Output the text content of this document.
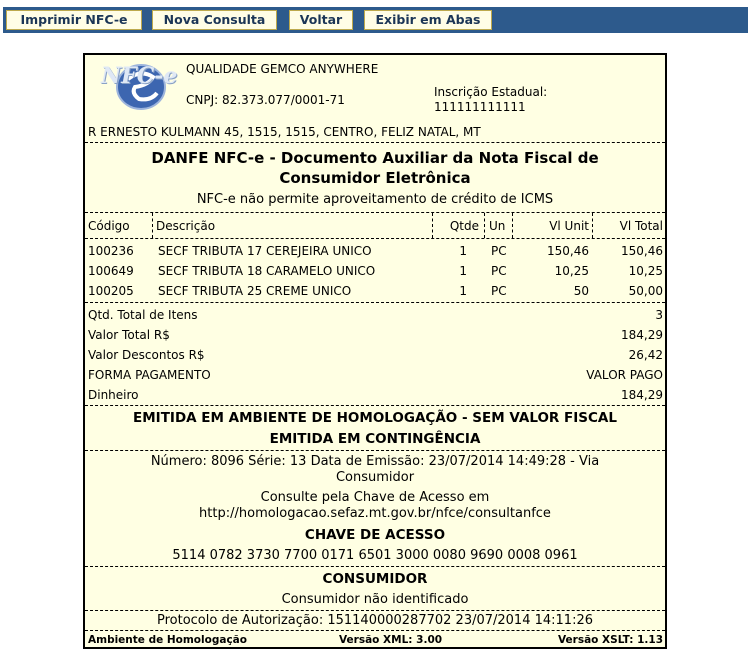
Imprimir NFC-e	Nova Consulta	Voltar	Exibir em Abas
NFC-e QUALIDADE GEMCO ANYWHERE
CNPJ: 82.373.077/0001-71
Inscrição Estadual:
111111111111
R ERNESTO KULMANN 45, 1515, 1515, CENTRO, FELIZ NATAL, MT
DANFE NFC-e - Documento Auxiliar da Nota Fiscal de
Consumidor Eletrônica
NFC-e não permite aproveitamento de crédito de ICMS
Código Descrição	Qtde Un	Vl Unit	Vl Total
100236 SECF TRIBUTA 17 CEREJEIRA UNICO	1 PC	150,46	150,46
100649 SECF TRIBUTA 18 CARAMELO UNICO	1 PC	10,25	10,25
100205 SECF TRIBUTA 25 CREME UNICO	1 PC	50	50,00
Qtd. Total de Itens	3
Valor Total R$	184,29
Valor Descontos R$	26,42
FORMA PAGAMENTO	VALOR PAGO
Dinheiro	184,29
EMITIDA EM AMBIENTE DE HOMOLOGAÇÃO - SEM VALOR FISCAL
EMITIDA EM CONTINGÊNCIA
Número: 8096 Série: 13 Data de Emissão: 23/07/2014 14:49:28 - Via
Consumidor
Consulte pela Chave de Acesso em
http://homologacao.sefaz.mt.gov.br/nfce/consultanfce
CHAVE DE ACESSO
5114 0782 3730 7700 0171 6501 3000 0080 9690 0008 0961
CONSUMIDOR
Consumidor não identificado
Protocolo de Autorização: 151140000287702 23/07/2014 14:11:26
Ambiente de Homologação	Versão XML: 3.00	Versão XSLT: 1.13
